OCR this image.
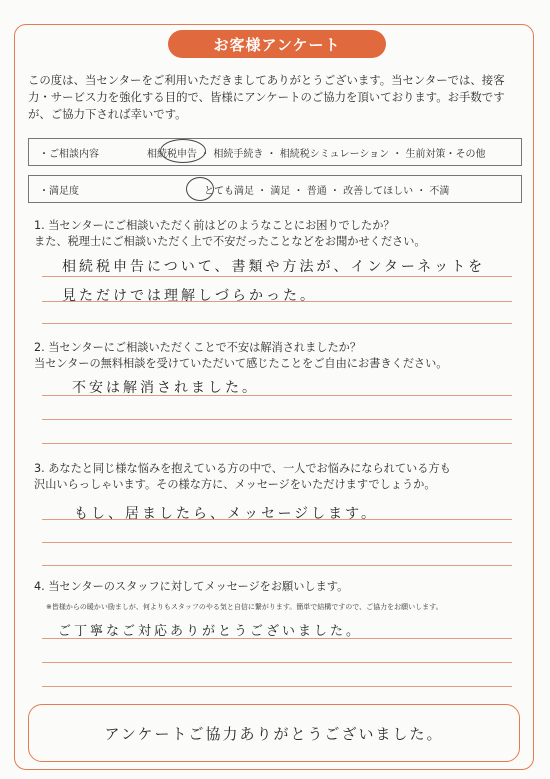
お客様アンケート
この度は、当センターをご利用いただきましてありがとうございます。当センターでは、接客力・サービス力を強化する目的で、皆様にアンケートのご協力を頂いております。お手数ですが、ご協力下されば幸いです。
・ご相談内容	相続税申告 ・ 相続手続き ・ 相続税シミュレーション ・ 生前対策・その他
・満足度	とても満足 ・ 満足 ・ 普通 ・ 改善してほしい ・ 不満
1. 当センターにご相談いただく前はどのようなことにお困りでしたか？
また、税理士にご相談いただく上で不安だったことなどをお聞かせください。
相続税申告について、書類や方法が、インターネットを
見ただけでは理解しづらかった。
2. 当センターにご相談いただくことで不安は解消されましたか？
当センターの無料相談を受けていただいて感じたことをご自由にお書きください。
不安は解消されました。
3. あなたと同じ様な悩みを抱えている方の中で、一人でお悩みになられている方も
沢山いらっしゃいます。その様な方に、メッセージをいただけますでしょうか。
もし、居ましたら、メッセージします。
4. 当センターのスタッフに対してメッセージをお願いします。
※皆様からの暖かい励ましが、何よりもスタッフのやる気と自信に繋がります。簡単で結構ですので、ご協力をお願いします。
ご丁寧なご対応ありがとうございました。
アンケートご協力ありがとうございました。
